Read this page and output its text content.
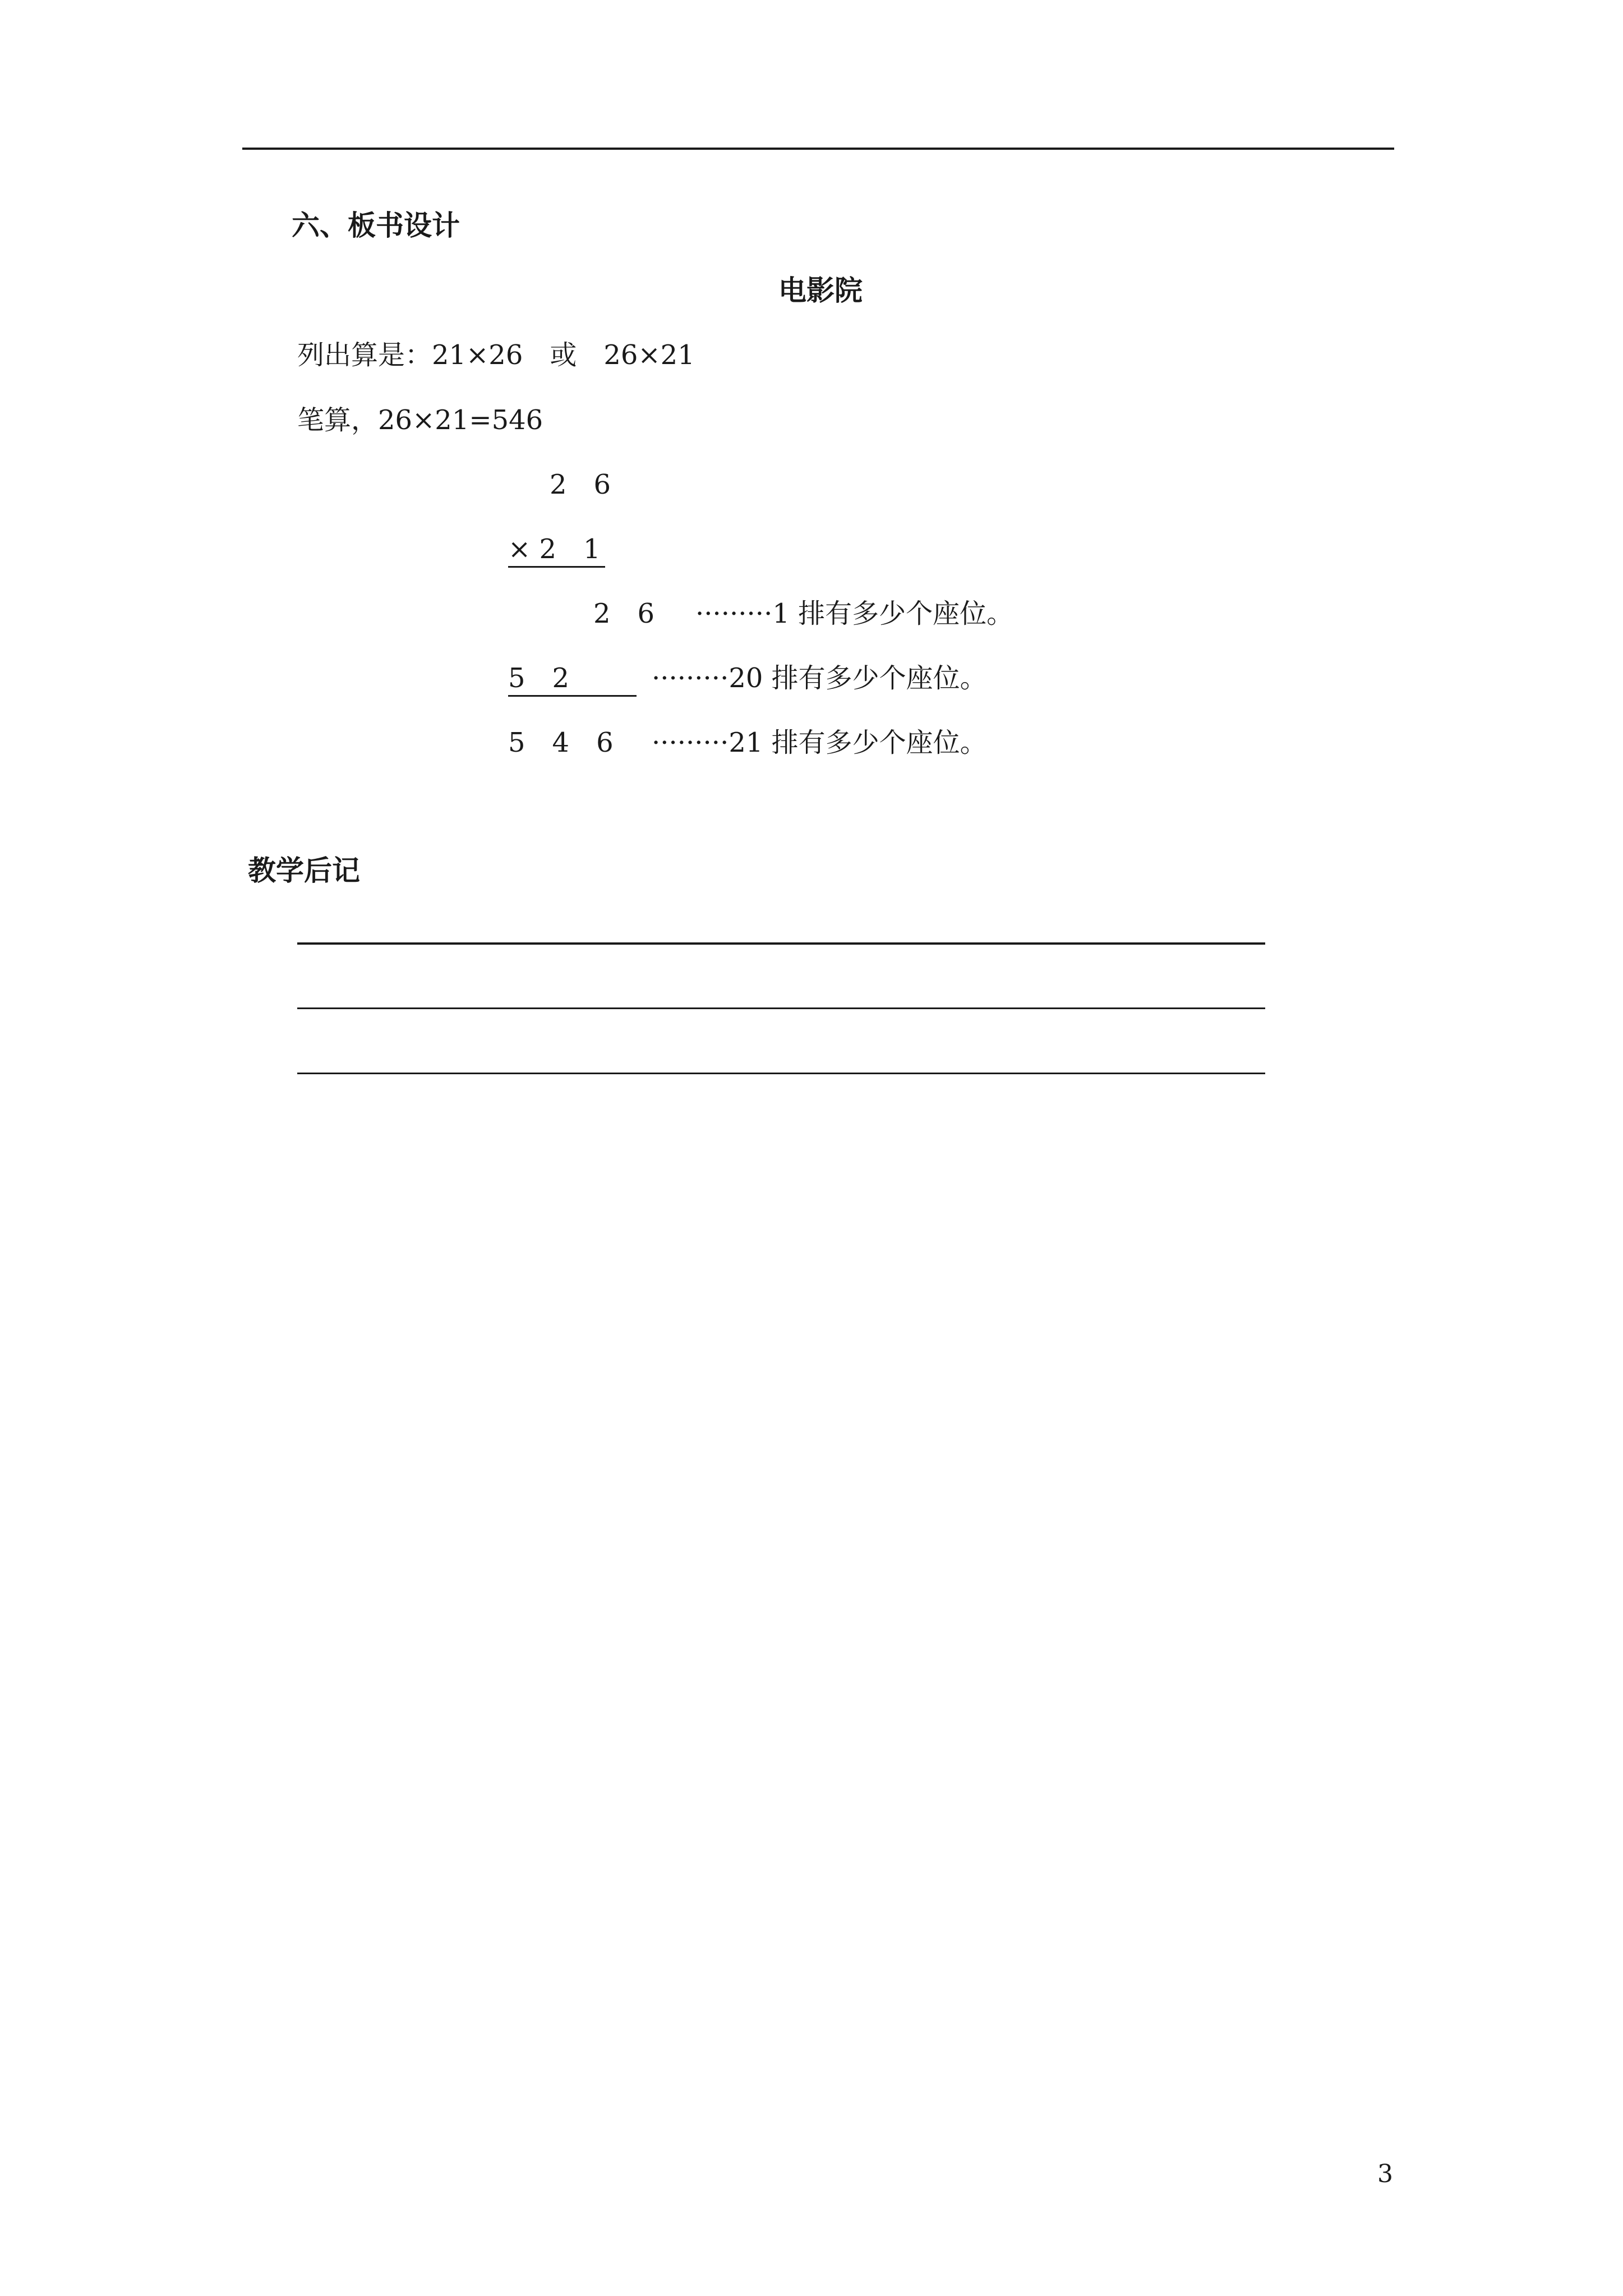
六、板书设计
电影院
列出算是：21×26　或　26×21
笔算，26×21=546
2　6
× 2　1
2　6 ·········1 排有多少个座位。
5　2	·········20 排有多少个座位。
5　4　6 ·········21 排有多少个座位。
教学后记
3
